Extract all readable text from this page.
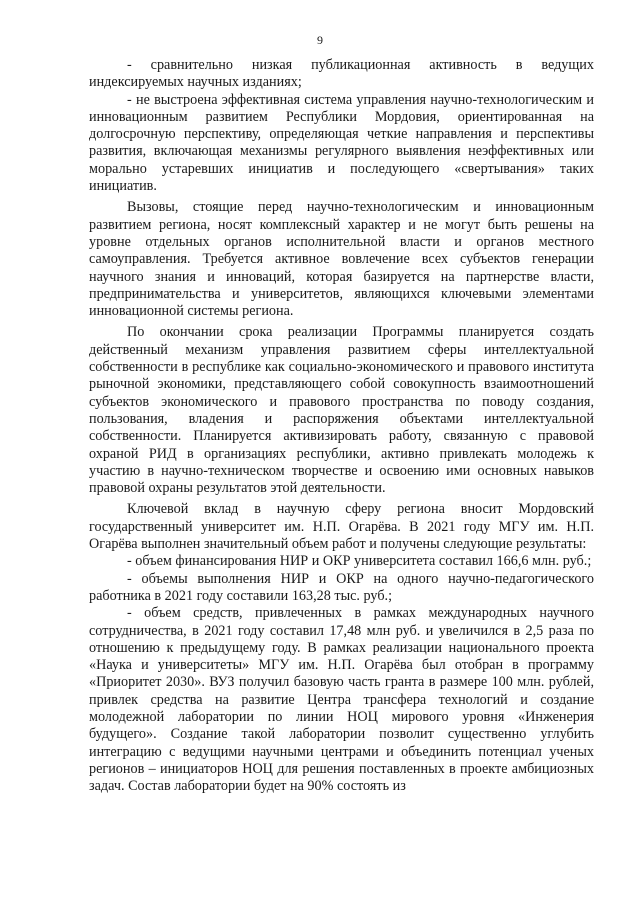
9

- сравнительно низкая публикационная активность в ведущих индексируемых научных изданиях;

- не выстроена эффективная система управления научно-технологическим и инновационным развитием Республики Мордовия, ориентированная на долгосрочную перспективу, определяющая четкие направления и перспективы развития, включающая механизмы регулярного выявления неэффективных или морально устаревших инициатив и последующего «свертывания» таких инициатив.

Вызовы, стоящие перед научно-технологическим и инновационным развитием региона, носят комплексный характер и не могут быть решены на уровне отдельных органов исполнительной власти и органов местного самоуправления. Требуется активное вовлечение всех субъектов генерации научного знания и инноваций, которая базируется на партнерстве власти, предпринимательства и университетов, являющихся ключевыми элементами инновационной системы региона.

По окончании срока реализации Программы планируется создать действенный механизм управления развитием сферы интеллектуальной собственности в республике как социально-экономического и правового института рыночной экономики, представляющего собой совокупность взаимоотношений субъектов экономического и правового пространства по поводу создания, пользования, владения и распоряжения объектами интеллектуальной собственности. Планируется активизировать работу, связанную с правовой охраной РИД в организациях республики, активно привлекать молодежь к участию в научно-техническом творчестве и освоению ими основных навыков правовой охраны результатов этой деятельности.

Ключевой вклад в научную сферу региона вносит Мордовский государственный университет им. Н.П. Огарёва. В 2021 году МГУ им. Н.П. Огарёва выполнен значительный объем работ и получены следующие результаты:

- объем финансирования НИР и ОКР университета составил 166,6 млн. руб.;

- объемы выполнения НИР и ОКР на одного научно-педагогического работника в 2021 году составили 163,28 тыс. руб.;

- объем средств, привлеченных в рамках международных научного сотрудничества, в 2021 году составил 17,48 млн руб. и увеличился в 2,5 раза по отношению к предыдущему году. В рамках реализации национального проекта «Наука и университеты» МГУ им. Н.П. Огарёва был отобран в программу «Приоритет 2030». ВУЗ получил базовую часть гранта в размере 100 млн. рублей, привлек средства на развитие Центра трансфера технологий и создание молодежной лаборатории по линии НОЦ мирового уровня «Инженерия будущего». Создание такой лаборатории позволит существенно углубить интеграцию с ведущими научными центрами и объединить потенциал ученых регионов – инициаторов НОЦ для решения поставленных в проекте амбициозных задач. Состав лаборатории будет на 90% состоять из
